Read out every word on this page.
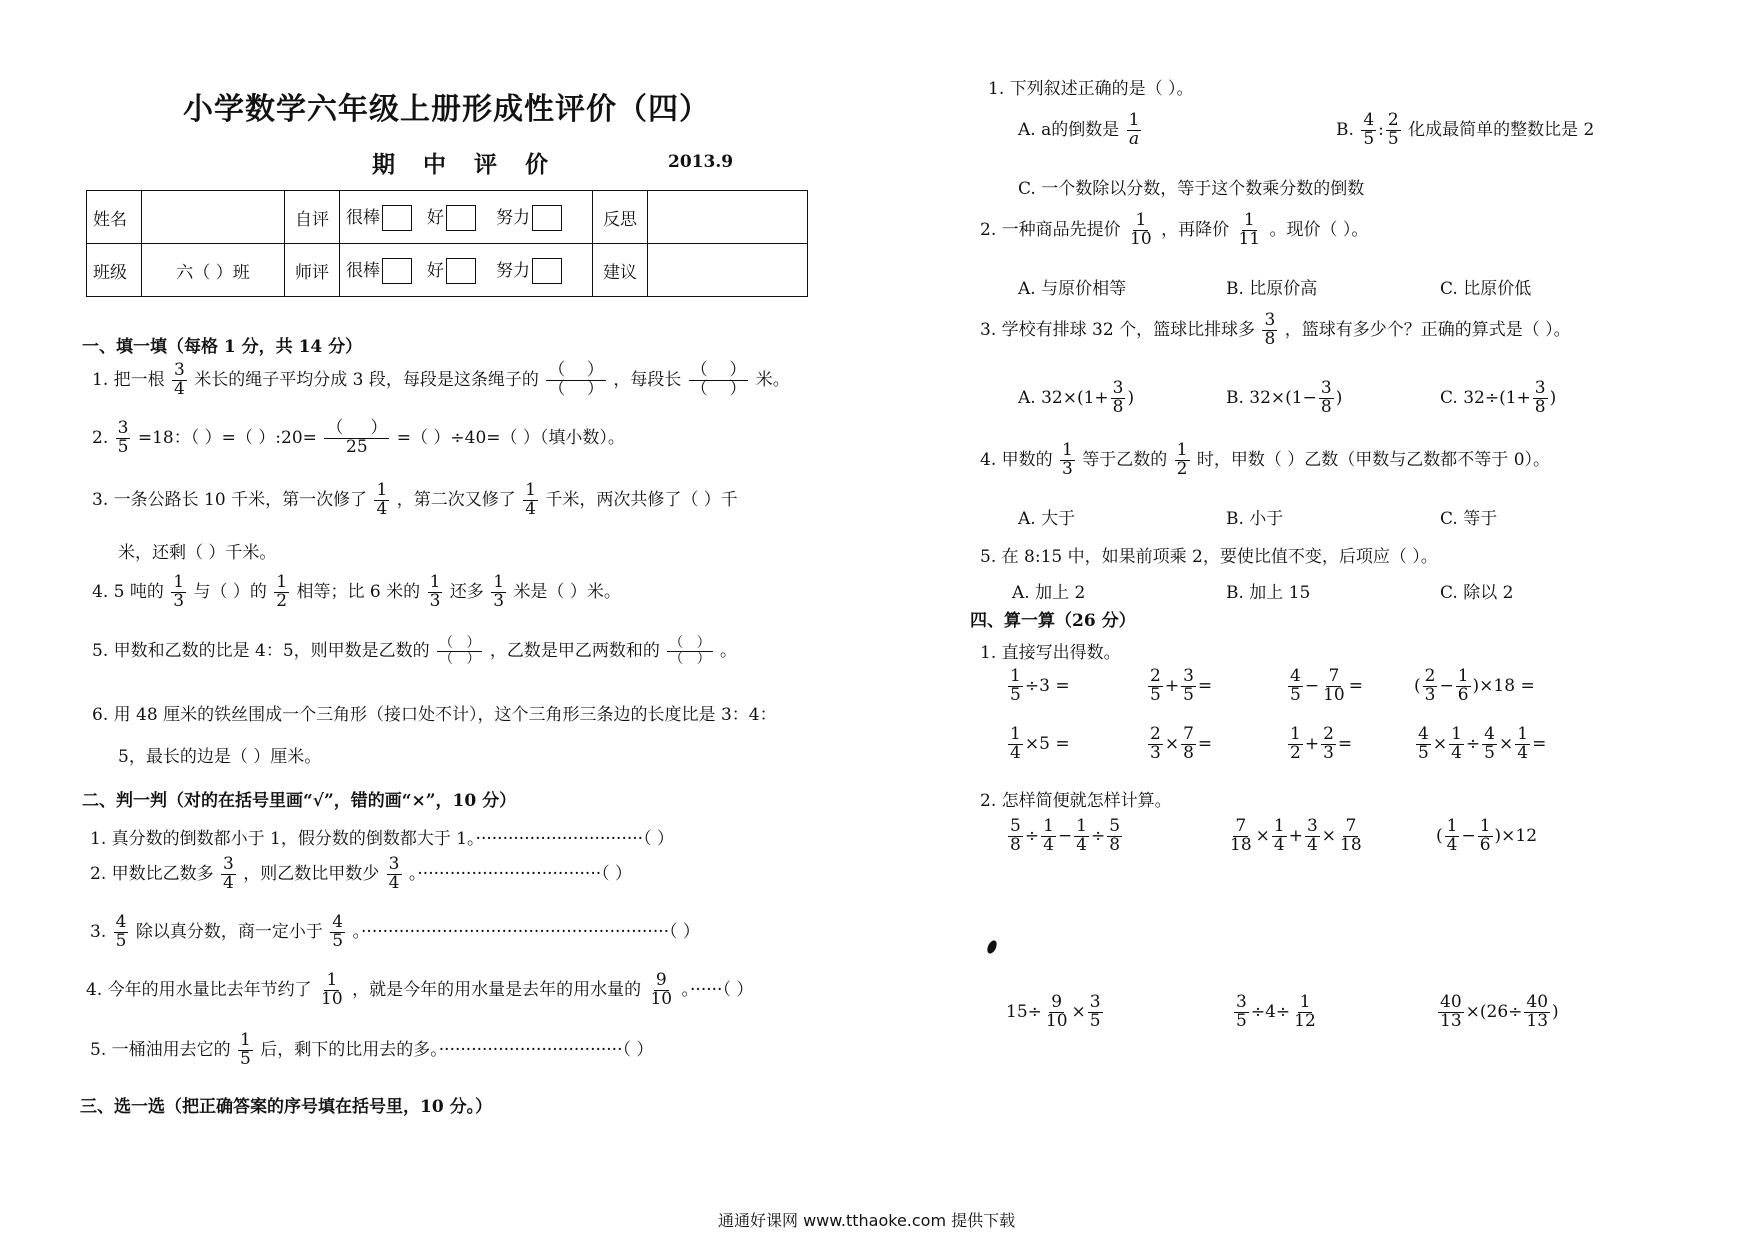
小学数学六年级上册形成性评价（四）
期 中 评 价	2013.9
姓名		自评	很棒 好 努力	反思	
班级	六（ ）班	师评	很棒 好 努力	建议	
一、填一填（每格 1 分，共 14 分）
1. 把一根 $\frac{3}{4}$ 米长的绳子平均分成 3 段，每段是这条绳子的 $\frac{( )}{( )}$ ，每段长 $\frac{( )}{( )}$ 米。
2. $\frac{3}{5} =18$：（ ）=（ ）:20= $\frac{( )}{25}$ =（ ）÷40=（ ）（填小数）。
3. 一条公路长 10 千米，第一次修了 $\frac{1}{4}$ ，第二次又修了 $\frac{1}{4}$ 千米，两次共修了（ ）千
米，还剩（ ）千米。
4. 5 吨的 $\frac{1}{3}$ 与（ ）的 $\frac{1}{2}$ 相等；比 6 米的 $\frac{1}{3}$ 还多 $\frac{1}{3}$ 米是（ ）米。
5. 甲数和乙数的比是 4：5，则甲数是乙数的 $\frac{( )}{( )}$ ，乙数是甲乙两数和的 $\frac{( )}{( )}$ 。
6. 用 48 厘米的铁丝围成一个三角形（接口处不计），这个三角形三条边的长度比是 3：4：
5，最长的边是（ ）厘米。
二、判一判（对的在括号里画“√”，错的画“×”，10 分）
1. 真分数的倒数都小于 1，假分数的倒数都大于 1。·······························（ ）
2. 甲数比乙数多 $\frac{3}{4}$ ，则乙数比甲数少 $\frac{3}{4}$ 。··································（ ）
3. $\frac{4}{5}$ 除以真分数，商一定小于 $\frac{4}{5}$ 。·························································（ ）
4. 今年的用水量比去年节约了 $\frac{1}{10}$ ，就是今年的用水量是去年的用水量的 $\frac{9}{10}$ 。······（ ）
5. 一桶油用去它的 $\frac{1}{5}$ 后，剩下的比用去的多。··································（ ）
三、选一选（把正确答案的序号填在括号里，10 分。）
1. 下列叙述正确的是（ ）。
A. a的倒数是 $\frac{1}{a}$	B. $\frac{4}{5}$ : $\frac{2}{5}$ 化成最简单的整数比是 2
C. 一个数除以分数，等于这个数乘分数的倒数
2. 一种商品先提价 $\frac{1}{10}$ ，再降价 $\frac{1}{11}$ 。现价（ ）。
A. 与原价相等	B. 比原价高	C. 比原价低
3. 学校有排球 32 个，篮球比排球多 $\frac{3}{8}$ ，篮球有多少个？正确的算式是（ ）。
A. $32\times(1+ \frac{3}{8}$ )	B. $32\times(1- \frac{3}{8}$ )	C. $32\div(1+ \frac{3}{8}$ )
4. 甲数的 $\frac{1}{3}$ 等于乙数的 $\frac{1}{2}$ 时，甲数（ ）乙数（甲数与乙数都不等于 0）。
A. 大于	B. 小于	C. 等于
5. 在 8:15 中，如果前项乘 2，要使比值不变，后项应（ ）。
A. 加上 2	B. 加上 15	C. 除以 2
四、算一算（26 分）
1. 直接写出得数。
$\frac{1}{5} \div 3$ =	$\frac{2}{5} + \frac{3}{5}$ =	$\frac{4}{5} - \frac{7}{10}$ =	( $\frac{2}{3} - \frac{1}{6} )\times 18$ =
$\frac{1}{4} \times 5$ =	$\frac{2}{3} \times \frac{7}{8}$ =	$\frac{1}{2} + \frac{2}{3}$ =	$\frac{4}{5} \times \frac{1}{4} \div \frac{4}{5} \times \frac{1}{4}$ =
2. 怎样简便就怎样计算。
$\frac{5}{8} \div \frac{1}{4} - \frac{1}{4} \div \frac{5}{8}$	$\frac{7}{18} \times \frac{1}{4} + \frac{3}{4} \times \frac{7}{18}$	( $\frac{1}{4} - \frac{1}{6} )\times 12$
$15\div \frac{9}{10} \times \frac{3}{5}$	$\frac{3}{5} \div 4\div \frac{1}{12}$	$\frac{40}{13} \times(26\div \frac{40}{13}$ )
通通好课网 www.tthaoke.com 提供下载
